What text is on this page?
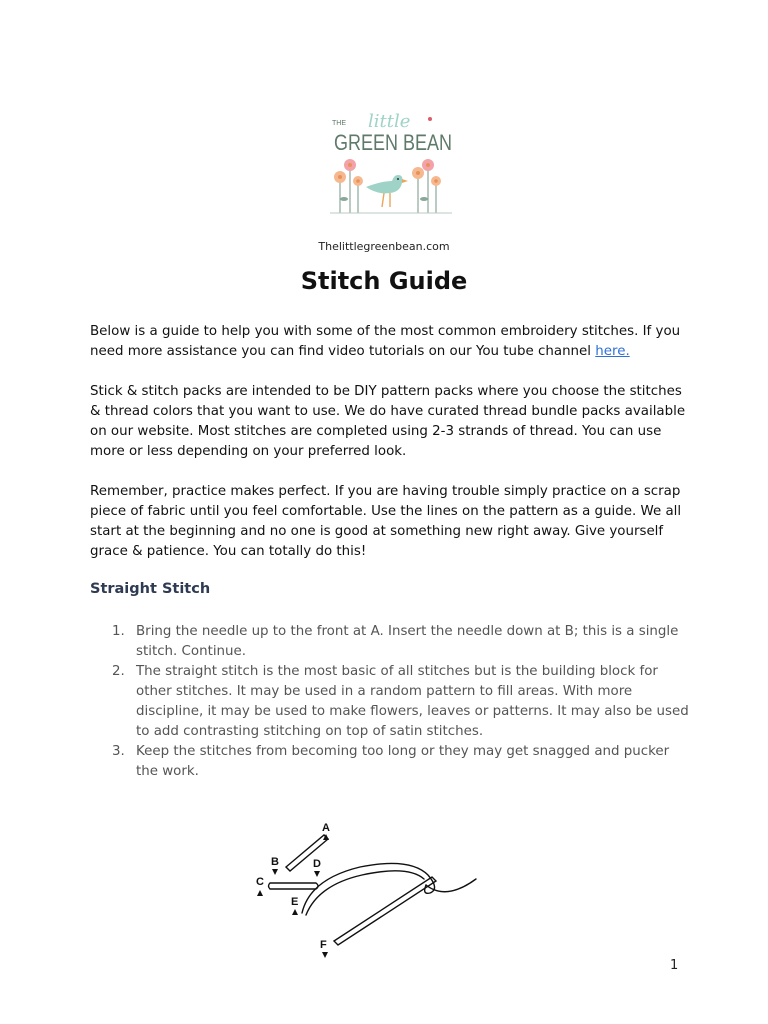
THE little
GREEN BEAN
Thelittlegreenbean.com
Stitch Guide

Below is a guide to help you with some of the most common embroidery stitches. If you need more assistance you can find video tutorials on our You tube channel here.

Stick & stitch packs are intended to be DIY pattern packs where you choose the stitches & thread colors that you want to use. We do have curated thread bundle packs available on our website. Most stitches are completed using 2-3 strands of thread. You can use more or less depending on your preferred look.

Remember, practice makes perfect. If you are having trouble simply practice on a scrap piece of fabric until you feel comfortable. Use the lines on the pattern as a guide. We all start at the beginning and no one is good at something new right away. Give yourself grace & patience. You can totally do this!

Straight Stitch
1. Bring the needle up to the front at A. Insert the needle down at B; this is a single stitch. Continue.
2. The straight stitch is the most basic of all stitches but is the building block for other stitches. It may be used in a random pattern to fill areas. With more discipline, it may be used to make flowers, leaves or patterns. It may also be used to add contrasting stitching on top of satin stitches.
3. Keep the stitches from becoming too long or they may get snagged and pucker the work.
A
B
C
D
E
F
1
